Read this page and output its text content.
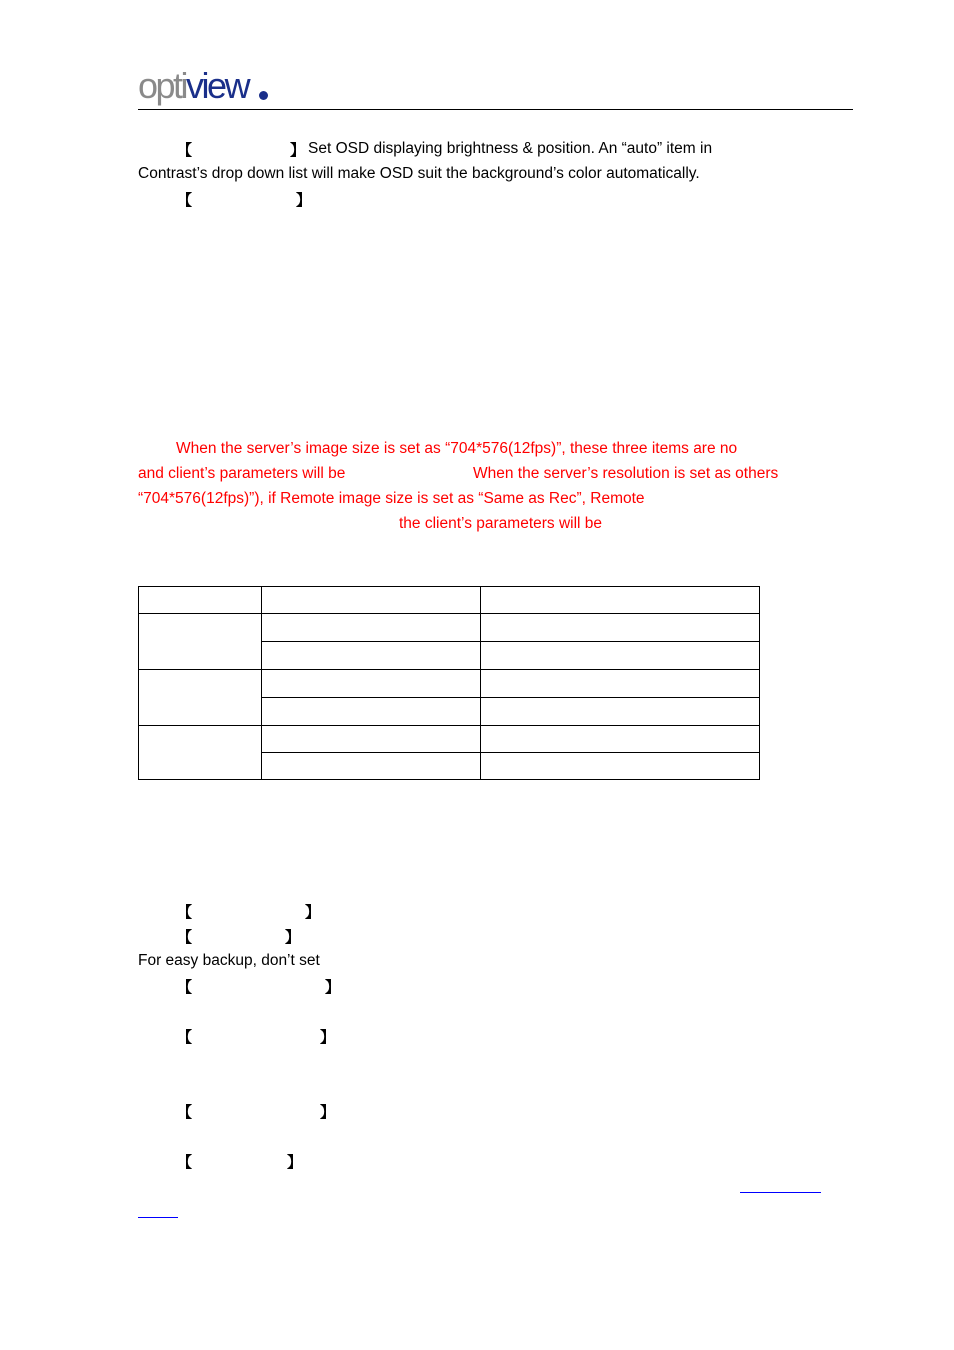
optiview
【	】 Set OSD displaying brightness & position. An “auto” item in
Contrast’s drop down list will make OSD suit the background’s color automatically.
【	】
When the server’s image size is set as “704*576(12fps)”, these three items are no
and client’s parameters will be	When the server’s resolution is set as others
“704*576(12fps)”), if Remote image size is set as “Same as Rec”, Remote
the client’s parameters will be

【	】
【	】
For easy backup, don’t set
【	】
【	】
【	】
【	】
